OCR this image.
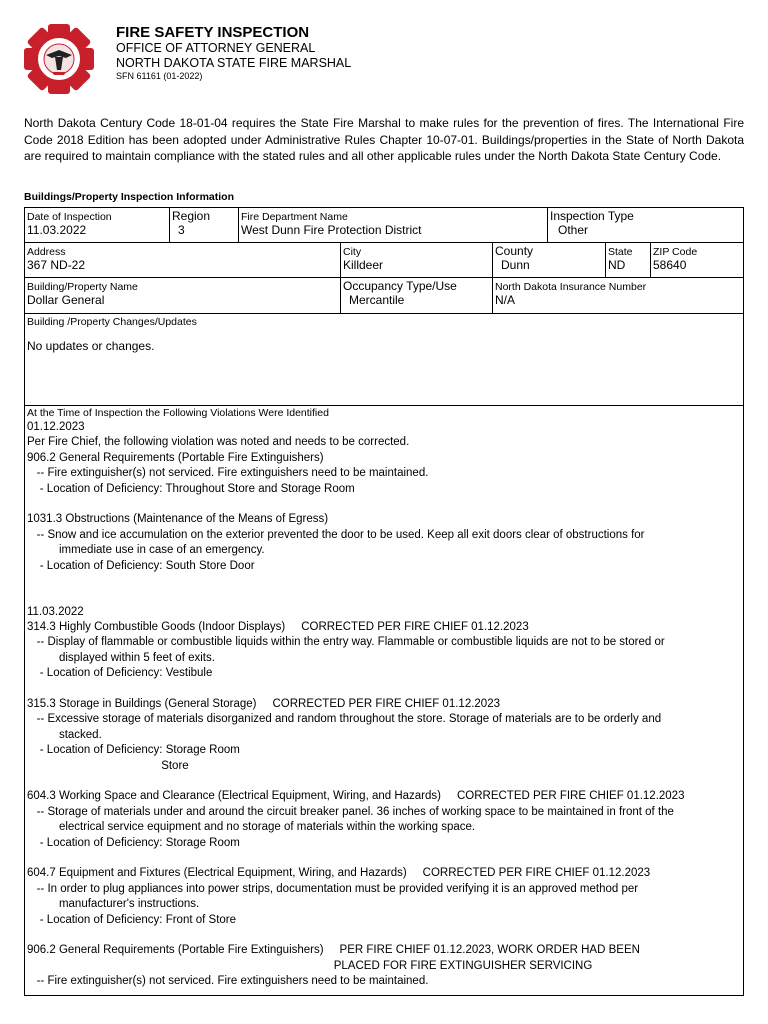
FIRE SAFETY INSPECTION
OFFICE OF ATTORNEY GENERAL
NORTH DAKOTA STATE FIRE MARSHAL
SFN 61161 (01-2022)
North Dakota Century Code 18-01-04 requires the State Fire Marshal to make rules for the prevention of fires. The International Fire Code 2018 Edition has been adopted under Administrative Rules Chapter 10-07-01. Buildings/properties in the State of North Dakota are required to maintain compliance with the stated rules and all other applicable rules under the North Dakota State Century Code.
Buildings/Property Inspection Information
Date of Inspection
11.03.2022
Region
3
Fire Department Name
West Dunn Fire Protection District
Inspection Type
Other
Address
367 ND-22
City
Killdeer
County
Dunn
State
ND
ZIP Code
58640
Building/Property Name
Dollar General
Occupancy Type/Use
Mercantile
North Dakota Insurance Number
N/A
Building /Property Changes/Updates
No updates or changes.
At the Time of Inspection the Following Violations Were Identified
01.12.2023
Per Fire Chief, the following violation was noted and needs to be corrected.
906.2 General Requirements (Portable Fire Extinguishers)
-- Fire extinguisher(s) not serviced. Fire extinguishers need to be maintained.
- Location of Deficiency: Throughout Store and Storage Room
1031.3 Obstructions (Maintenance of the Means of Egress)
-- Snow and ice accumulation on the exterior prevented the door to be used. Keep all exit doors clear of obstructions for
immediate use in case of an emergency.
- Location of Deficiency: South Store Door
11.03.2022
314.3 Highly Combustible Goods (Indoor Displays)     CORRECTED PER FIRE CHIEF 01.12.2023
-- Display of flammable or combustible liquids within the entry way. Flammable or combustible liquids are not to be stored or
displayed within 5 feet of exits.
- Location of Deficiency: Vestibule
315.3 Storage in Buildings (General Storage)     CORRECTED PER FIRE CHIEF 01.12.2023
-- Excessive storage of materials disorganized and random throughout the store. Storage of materials are to be orderly and
stacked.
- Location of Deficiency: Storage Room
Store
604.3 Working Space and Clearance (Electrical Equipment, Wiring, and Hazards)     CORRECTED PER FIRE CHIEF 01.12.2023
-- Storage of materials under and around the circuit breaker panel. 36 inches of working space to be maintained in front of the
electrical service equipment and no storage of materials within the working space.
- Location of Deficiency: Storage Room
604.7 Equipment and Fixtures (Electrical Equipment, Wiring, and Hazards)     CORRECTED PER FIRE CHIEF 01.12.2023
-- In order to plug appliances into power strips, documentation must be provided verifying it is an approved method per
manufacturer's instructions.
- Location of Deficiency: Front of Store
906.2 General Requirements (Portable Fire Extinguishers)     PER FIRE CHIEF 01.12.2023, WORK ORDER HAD BEEN
PLACED FOR FIRE EXTINGUISHER SERVICING
-- Fire extinguisher(s) not serviced. Fire extinguishers need to be maintained.
